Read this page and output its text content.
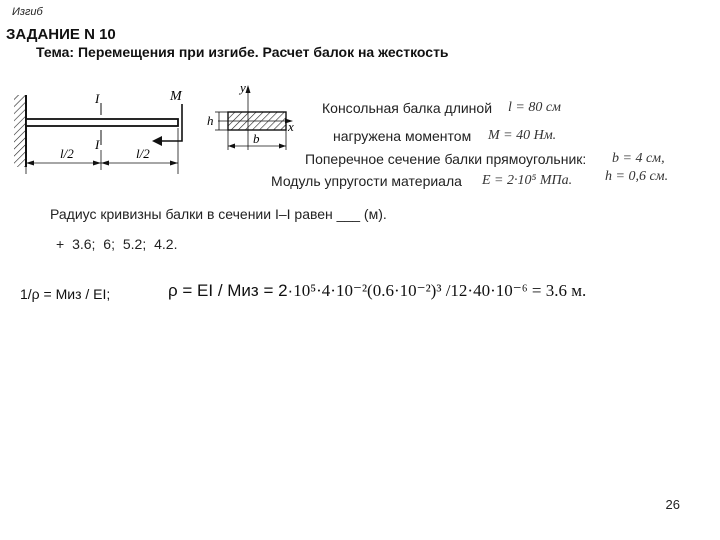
Изгиб
ЗАДАНИЕ N 10
Тема: Перемещения при изгибе. Расчет балок на жесткость
M
I
I
l/2	l/2
y
x
h
b
Консольная балка длиной l = 80 см
нагружена моментом M = 40 Нм.
Поперечное сечение балки прямоугольник: b = 4 см,
Модуль упругости материала E = 2·10⁵ МПа. h = 0,6 см.
Радиус кривизны балки в сечении I–I равен ___ (м).
+ 3.6; 6; 5.2; 4.2.
1/ρ = Миз / EI;	ρ = EI / Миз = 2·10⁵·4·10⁻²(0.6·10⁻²)³ /12·40·10⁻⁶ = 3.6 м.
26
